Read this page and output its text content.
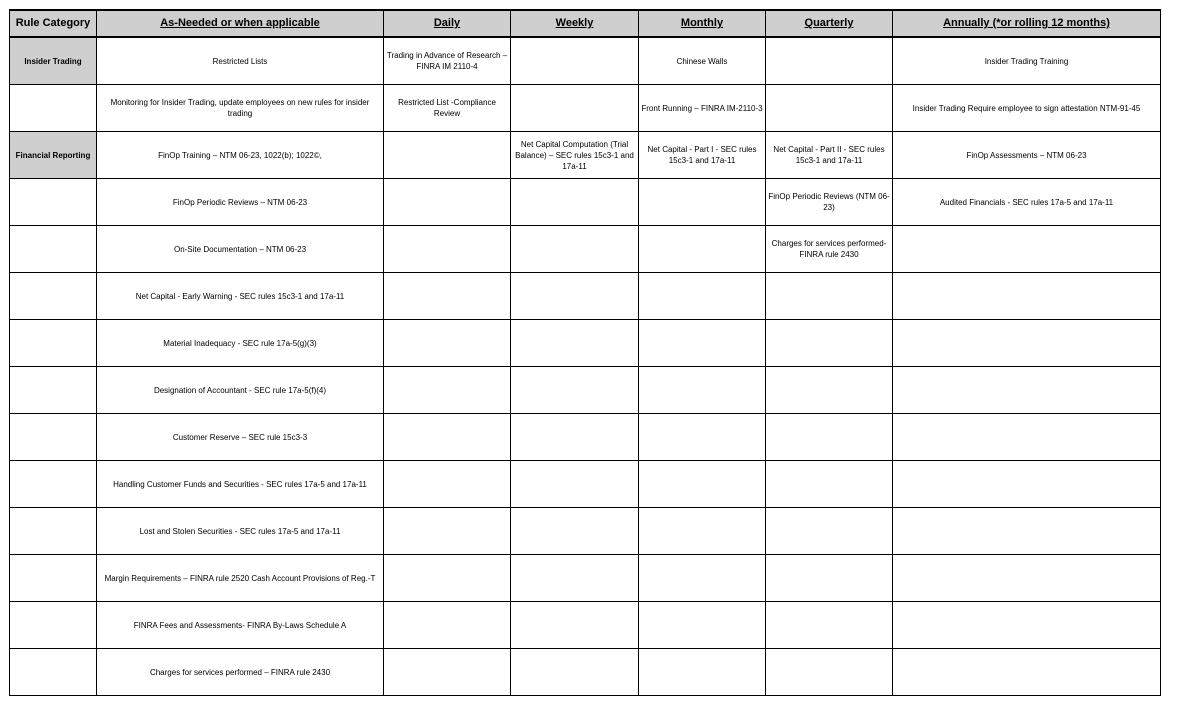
Rule Category	As-Needed or when applicable	Daily	Weekly	Monthly	Quarterly	Annually (*or rolling 12 months)
Insider Trading	Restricted Lists	Trading in Advance of Research – FINRA IM 2110-4		Chinese Walls		Insider Trading Training
	Monitoring for Insider Trading, update employees on new rules for insider trading	Restricted List -Compliance Review		Front Running – FINRA IM-2110-3		Insider Trading Require employee to sign attestation NTM-91-45
Financial Reporting	FinOp Training – NTM 06-23, 1022(b); 1022©,		Net Capital Computation (Trial Balance) – SEC rules 15c3-1 and 17a-11	Net Capital - Part I - SEC rules 15c3-1 and 17a-11	Net Capital - Part II - SEC rules 15c3-1 and 17a-11	FinOp Assessments – NTM 06-23
	FinOp Periodic Reviews – NTM 06-23				FinOp Periodic Reviews (NTM 06-23)	Audited Financials - SEC rules 17a-5 and 17a-11
	On-Site Documentation – NTM 06-23				Charges for services performed- FINRA rule 2430	
	Net Capital - Early Warning - SEC rules 15c3-1 and 17a-11					
	Material Inadequacy - SEC rule 17a-5(g)(3)					
	Designation of Accountant - SEC rule 17a-5(f)(4)					
	Customer Reserve – SEC rule 15c3-3					
	Handling Customer Funds and Securities - SEC rules 17a-5 and 17a-11					
	Lost and Stolen Securities - SEC rules 17a-5 and 17a-11					
	Margin Requirements – FINRA rule 2520 Cash Account Provisions of Reg.-T					
	FINRA Fees and Assessments- FINRA By-Laws Schedule A					
	Charges for services performed – FINRA rule 2430					
